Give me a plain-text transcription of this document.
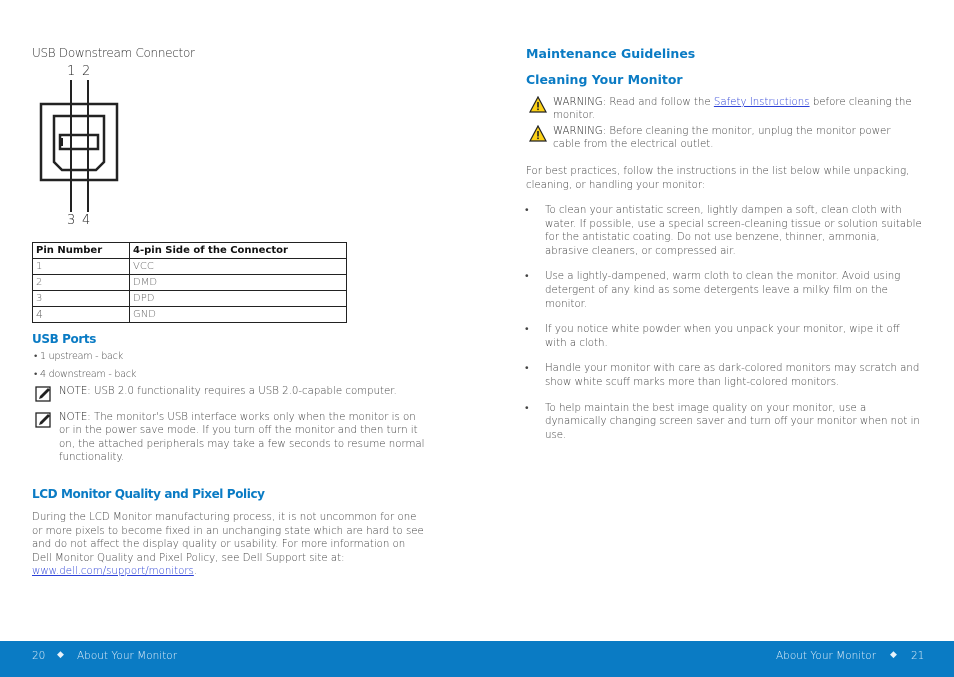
USB Downstream Connector
1 2
3 4
Pin Number	4-pin Side of the Connector
1	VCC
2	DMD
3	DPD
4	GND
USB Ports
• 1 upstream - back
• 4 downstream - back
NOTE: USB 2.0 functionality requires a USB 2.0-capable computer.
NOTE: The monitor's USB interface works only when the monitor is on or in the power save mode. If you turn off the monitor and then turn it on, the attached peripherals may take a few seconds to resume normal functionality.
LCD Monitor Quality and Pixel Policy
During the LCD Monitor manufacturing process, it is not uncommon for one or more pixels to become fixed in an unchanging state which are hard to see and do not affect the display quality or usability. For more information on Dell Monitor Quality and Pixel Policy, see Dell Support site at: www.dell.com/support/monitors.
Maintenance Guidelines
Cleaning Your Monitor
WARNING: Read and follow the Safety Instructions before cleaning the monitor.
WARNING: Before cleaning the monitor, unplug the monitor power cable from the electrical outlet.
For best practices, follow the instructions in the list below while unpacking, cleaning, or handling your monitor:
• To clean your antistatic screen, lightly dampen a soft, clean cloth with water. If possible, use a special screen-cleaning tissue or solution suitable for the antistatic coating. Do not use benzene, thinner, ammonia, abrasive cleaners, or compressed air.
• Use a lightly-dampened, warm cloth to clean the monitor. Avoid using detergent of any kind as some detergents leave a milky film on the monitor.
• If you notice white powder when you unpack your monitor, wipe it off with a cloth.
• Handle your monitor with care as dark-colored monitors may scratch and show white scuff marks more than light-colored monitors.
• To help maintain the best image quality on your monitor, use a dynamically changing screen saver and turn off your monitor when not in use.
20 ◆ About Your Monitor	About Your Monitor ◆ 21
